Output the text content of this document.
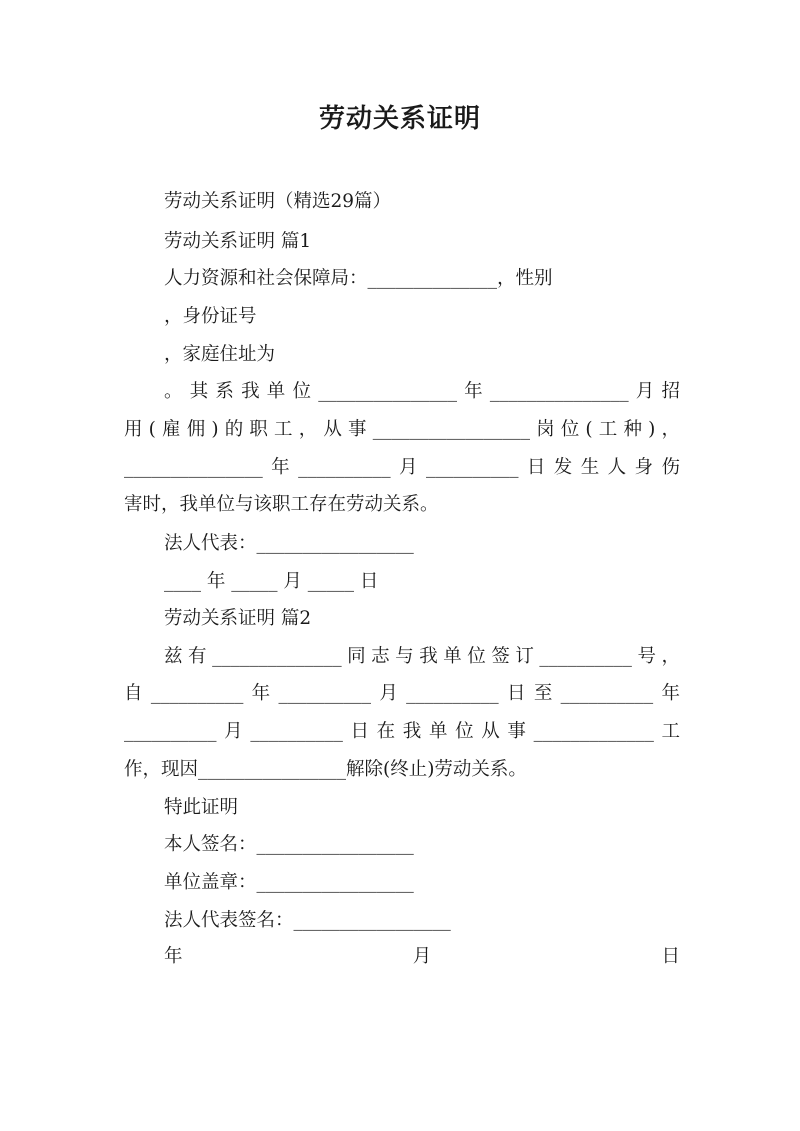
劳动关系证明
劳动关系证明（精选29篇）
劳动关系证明 篇1
人力资源和社会保障局：______________，性别
，身份证号
，家庭住址为
。其系我单位_______________年_______________月招
用(雇佣)的职工，从事_________________岗位(工种)，
_______________年__________月__________日发生人身伤
害时，我单位与该职工存在劳动关系。
法人代表：_________________
____ 年 _____ 月 _____ 日
劳动关系证明 篇2
兹有______________同志与我单位签订__________号，
自__________年__________月__________日至__________年
__________月__________日在我单位从事_____________工
作，现因________________解除(终止)劳动关系。
特此证明
本人签名：_________________
单位盖章：_________________
法人代表签名：_________________
年	月	日
